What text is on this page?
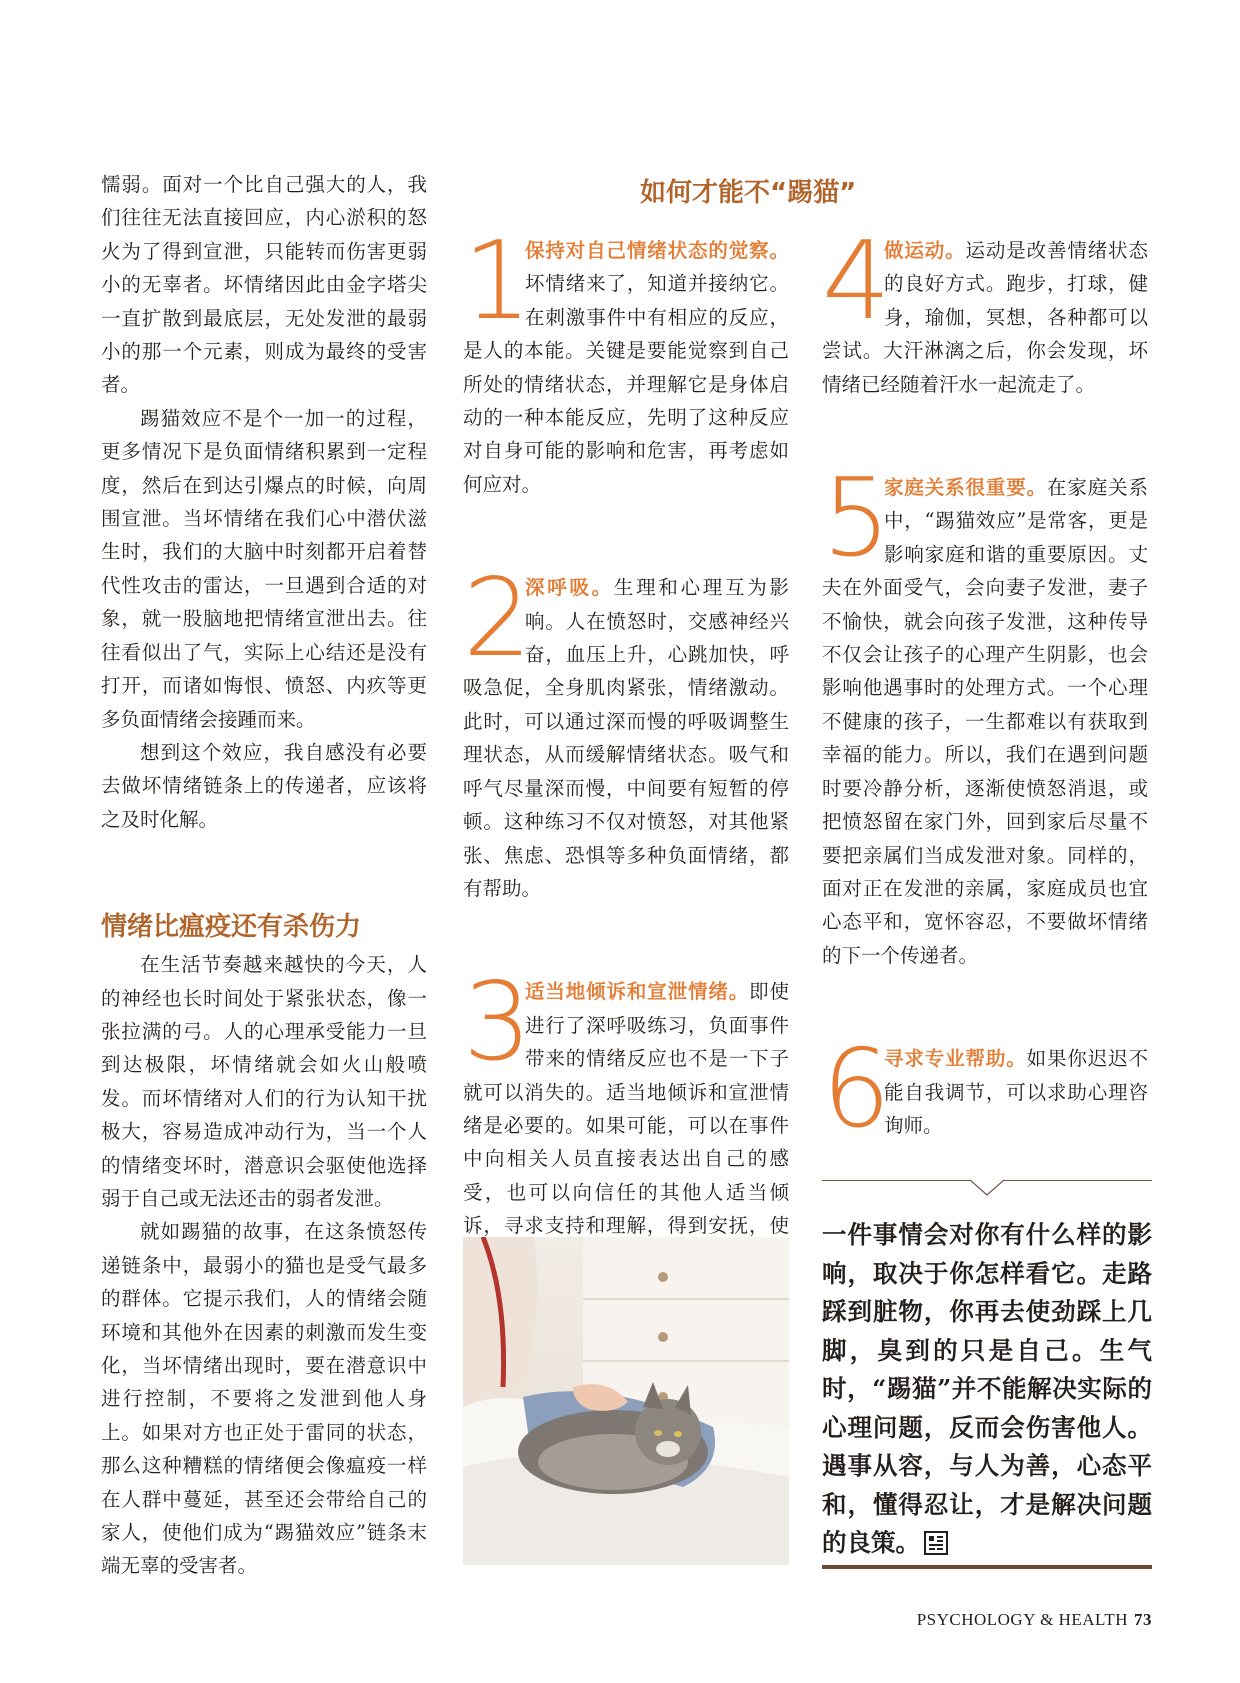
懦弱。面对一个比自己强大的人，我们往往无法直接回应，内心淤积的怒火为了得到宣泄，只能转而伤害更弱小的无辜者。坏情绪因此由金字塔尖一直扩散到最底层，无处发泄的最弱小的那一个元素，则成为最终的受害者。

踢猫效应不是个一加一的过程，更多情况下是负面情绪积累到一定程度，然后在到达引爆点的时候，向周围宣泄。当坏情绪在我们心中潜伏滋生时，我们的大脑中时刻都开启着替代性攻击的雷达，一旦遇到合适的对象，就一股脑地把情绪宣泄出去。往往看似出了气，实际上心结还是没有打开，而诸如悔恨、愤怒、内疚等更多负面情绪会接踵而来。

想到这个效应，我自感没有必要去做坏情绪链条上的传递者，应该将之及时化解。

情绪比瘟疫还有杀伤力

在生活节奏越来越快的今天，人的神经也长时间处于紧张状态，像一张拉满的弓。人的心理承受能力一旦到达极限，坏情绪就会如火山般喷发。而坏情绪对人们的行为认知干扰极大，容易造成冲动行为，当一个人的情绪变坏时，潜意识会驱使他选择弱于自己或无法还击的弱者发泄。

就如踢猫的故事，在这条愤怒传递链条中，最弱小的猫也是受气最多的群体。它提示我们，人的情绪会随环境和其他外在因素的刺激而发生变化，当坏情绪出现时，要在潜意识中进行控制，不要将之发泄到他人身上。如果对方也正处于雷同的状态，那么这种糟糕的情绪便会像瘟疫一样在人群中蔓延，甚至还会带给自己的家人，使他们成为“踢猫效应”链条末端无辜的受害者。

如何才能不“踢猫”
1
保持对自己情绪状态的觉察。坏情绪来了，知道并接纳它。在刺激事件中有相应的反应，是人的本能。关键是要能觉察到自己所处的情绪状态，并理解它是身体启动的一种本能反应，先明了这种反应对自身可能的影响和危害，再考虑如何应对。
2
深呼吸。生理和心理互为影响。人在愤怒时，交感神经兴奋，血压上升，心跳加快，呼吸急促，全身肌肉紧张，情绪激动。此时，可以通过深而慢的呼吸调整生理状态，从而缓解情绪状态。吸气和呼气尽量深而慢，中间要有短暂的停顿。这种练习不仅对愤怒，对其他紧张、焦虑、恐惧等多种负面情绪，都有帮助。
3
适当地倾诉和宣泄情绪。即使进行了深呼吸练习，负面事件带来的情绪反应也不是一下子就可以消失的。适当地倾诉和宣泄情绪是必要的。如果可能，可以在事件中向相关人员直接表达出自己的感受，也可以向信任的其他人适当倾诉，寻求支持和理解，得到安抚，使
4
做运动。运动是改善情绪状态的良好方式。跑步，打球，健身，瑜伽，冥想，各种都可以尝试。大汗淋漓之后，你会发现，坏情绪已经随着汗水一起流走了。
5
家庭关系很重要。在家庭关系中，“踢猫效应”是常客，更是影响家庭和谐的重要原因。丈夫在外面受气，会向妻子发泄，妻子不愉快，就会向孩子发泄，这种传导不仅会让孩子的心理产生阴影，也会影响他遇事时的处理方式。一个心理不健康的孩子，一生都难以有获取到幸福的能力。所以，我们在遇到问题时要冷静分析，逐渐使愤怒消退，或把愤怒留在家门外，回到家后尽量不要把亲属们当成发泄对象。同样的，面对正在发泄的亲属，家庭成员也宜心态平和，宽怀容忍，不要做坏情绪的下一个传递者。
6
寻求专业帮助。如果你迟迟不能自我调节，可以求助心理咨询师。
一件事情会对你有什么样的影响，取决于你怎样看它。走路踩到脏物，你再去使劲踩上几脚，臭到的只是自己。生气时，“踢猫”并不能解决实际的心理问题，反而会伤害他人。遇事从容，与人为善，心态平和，懂得忍让，才是解决问题的良策。
PSYCHOLOGY & HEALTH 73
